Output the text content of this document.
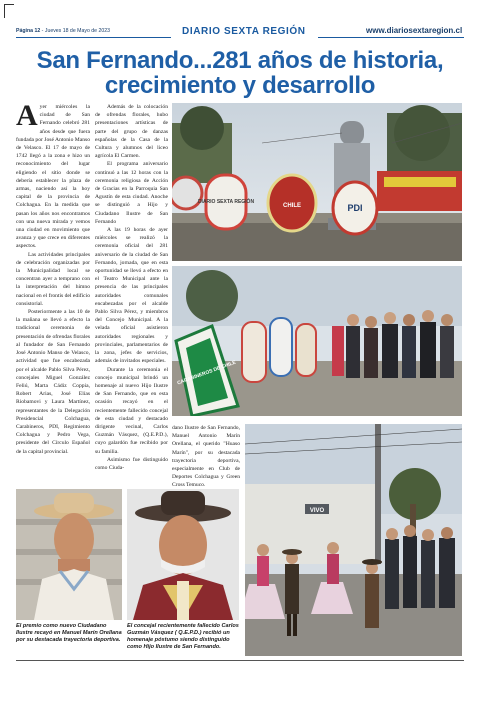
Página 12 - Jueves 18 de Mayo de 2023	DIARIO SEXTA REGIÓN	www.diariosextaregion.cl
San Fernando...281 años de historia,
crecimiento y desarrollo

Ayer miércoles la ciudad de San Fernando celebró 281 años desde que fuera fundada por José Antonio Manso de Velasco. El 17 de mayo de 1742 llegó a la zona e hizo un reconocimiento del lugar eligiendo el sitio donde se debería establecer la plaza de armas, naciendo así la hoy capital de la provincia de Colchagua. En la medida que pasan los años nos encontramos con una nueva mirada y vemos una ciudad en movimiento que avanza y que crece en diferentes aspectos.

Las actividades principales de celebración organizadas por la Municipalidad local se concentran ayer a temprano con la interpretación del himno nacional en el frontis del edificio consistorial.

Posteriormente a las 10 de la mañana se llevó a efecto la tradicional ceremonia de presentación de ofrendas florales al fundador de San Fernando José Antonio Manso de Velasco, actividad que fue encabezada por el alcalde Pablo Silva Pérez, concejales Miguel González Feliú, Marta Cádiz Coppia, Robert Arias, José Elías Riobamovi y Laura Martínez, representantes de la Delegación Presidencial Colchagua, Carabineros, PDI, Regimiento Colchagua y Pedro Vega, presidente del Círculo Español de la capital provincial.

Además de la colocación de ofrendas florales, hubo presentaciones artísticas de parte del grupo de danzas españolas de la Casa de la Cultura y alumnos del liceo agrícola El Carmen.

El programa aniversario continuó a las 12 horas con la ceremonia religiosa de Acción de Gracias en la Parroquia San Agustín de esta ciudad. Anoche se distinguió a Hijo y Ciudadano Ilustre de San Fernando

A las 19 horas de ayer miércoles se realizó la ceremonia oficial del 281 aniversario de la ciudad de San Fernando, jornada, que en esta oportunidad se llevó a efecto en el Teatro Municipal ante la presencia de las principales autoridades comunales encabezadas por el alcalde Pablo Silva Pérez, y miembros del Concejo Municipal. A la velada oficial asistieron autoridades regionales y provinciales, parlamentarios de la zona, jefes de servicios, además de invitados especiales.

Durante la ceremonia el concejo municipal brindó un homenaje al nuevo Hijo Ilustre de San Fernando, que en esta ocasión recayó en el recientemente fallecido concejal de esta ciudad y destacado dirigente vecinal, Carlos Guzmán Vásquez, (Q.E.P.D.), cuyo galardón fue recibido por su familia.

Asimismo fue distinguido como Ciuda-

DIARIO SEXTA REGIÓN
CHILE	PDI
CARABINEROS DE CHILE

dano Ilustre de San Fernando, Manuel Antonio Marín Orellana, el querido "Huaso Marín", por su destacada trayectoria deportiva, especialmente en Club de Deportes Colchagua y Green Cross Temuco.

VIVO
El premio como nuevo Ciudadano Ilustre recayó en Manuel Marín Orellana por su destacada trayectoria deportiva.
El concejal recientemente fallecido Carlos Guzmán Vásquez ( Q.E.P.D.) recibió un homenaje póstumo siendo distinguido como Hijo Ilustre de San Fernando.
